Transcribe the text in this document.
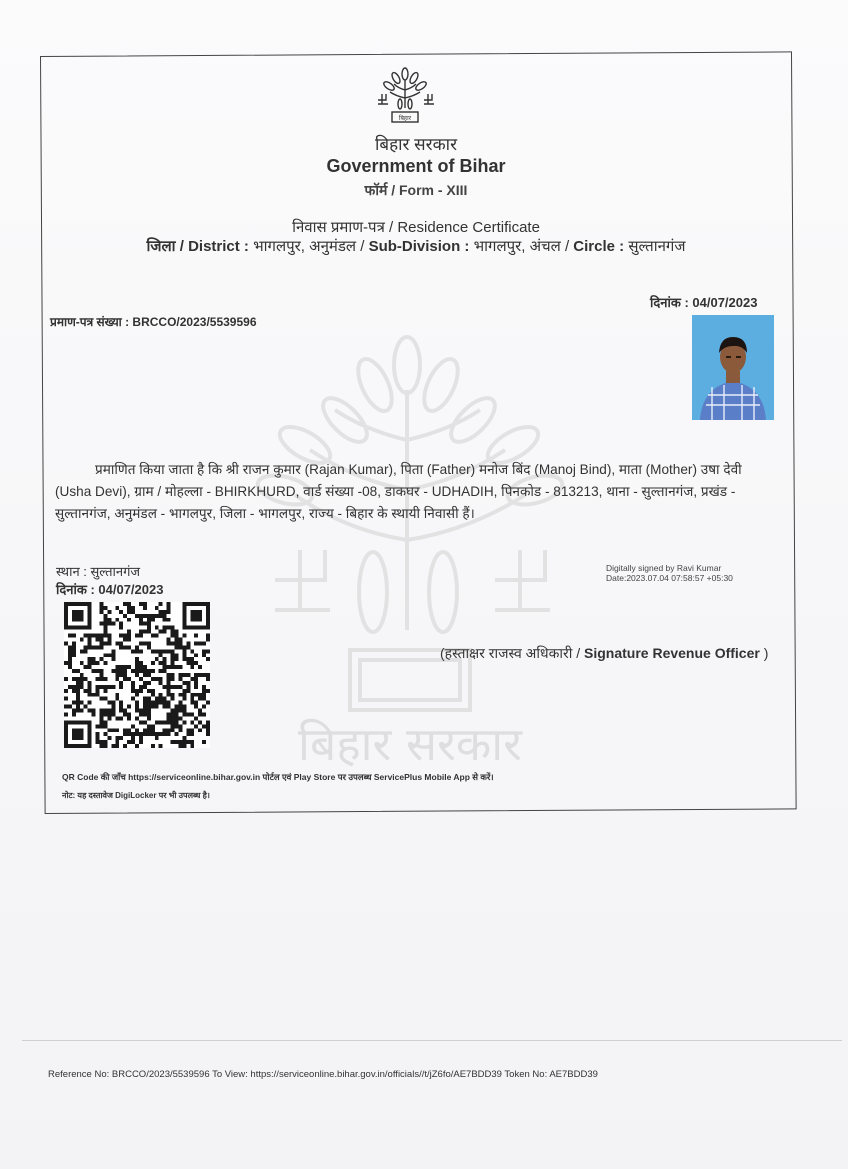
बिहार
बिहार सरकार
Government of Bihar
फॉर्म / Form - XIII
निवास प्रमाण-पत्र / Residence Certificate
जिला / District : भागलपुर, अनुमंडल / Sub-Division : भागलपुर, अंचल / Circle : सुल्तानगंज
प्रमाण-पत्र संख्या : BRCCO/2023/5539596
दिनांक : 04/07/2023
बिहार सरकार
प्रमाणित किया जाता है कि श्री राजन कुमार (Rajan Kumar), पिता (Father) मनोज बिंद (Manoj Bind), माता (Mother) उषा देवी (Usha Devi), ग्राम / मोहल्ला - BHIRKHURD, वार्ड संख्या -08, डाकघर - UDHADIH, पिनकोड - 813213, थाना - सुल्तानगंज, प्रखंड - सुल्तानगंज, अनुमंडल - भागलपुर, जिला - भागलपुर, राज्य - बिहार के स्थायी निवासी हैं।
स्थान : सुल्तानगंज
दिनांक : 04/07/2023
Digitally signed by Ravi Kumar
Date:2023.07.04 07:58:57 +05:30
(हस्ताक्षर राजस्व अधिकारी / Signature Revenue Officer )
QR Code की जाँच https://serviceonline.bihar.gov.in पोर्टल एवं Play Store पर उपलब्ध ServicePlus Mobile App से करें।
नोट: यह दस्तावेज DigiLocker पर भी उपलब्ध है।
Reference No: BRCCO/2023/5539596 To View: https://serviceonline.bihar.gov.in/officials//t/jZ6fo/AE7BDD39 Token No: AE7BDD39
